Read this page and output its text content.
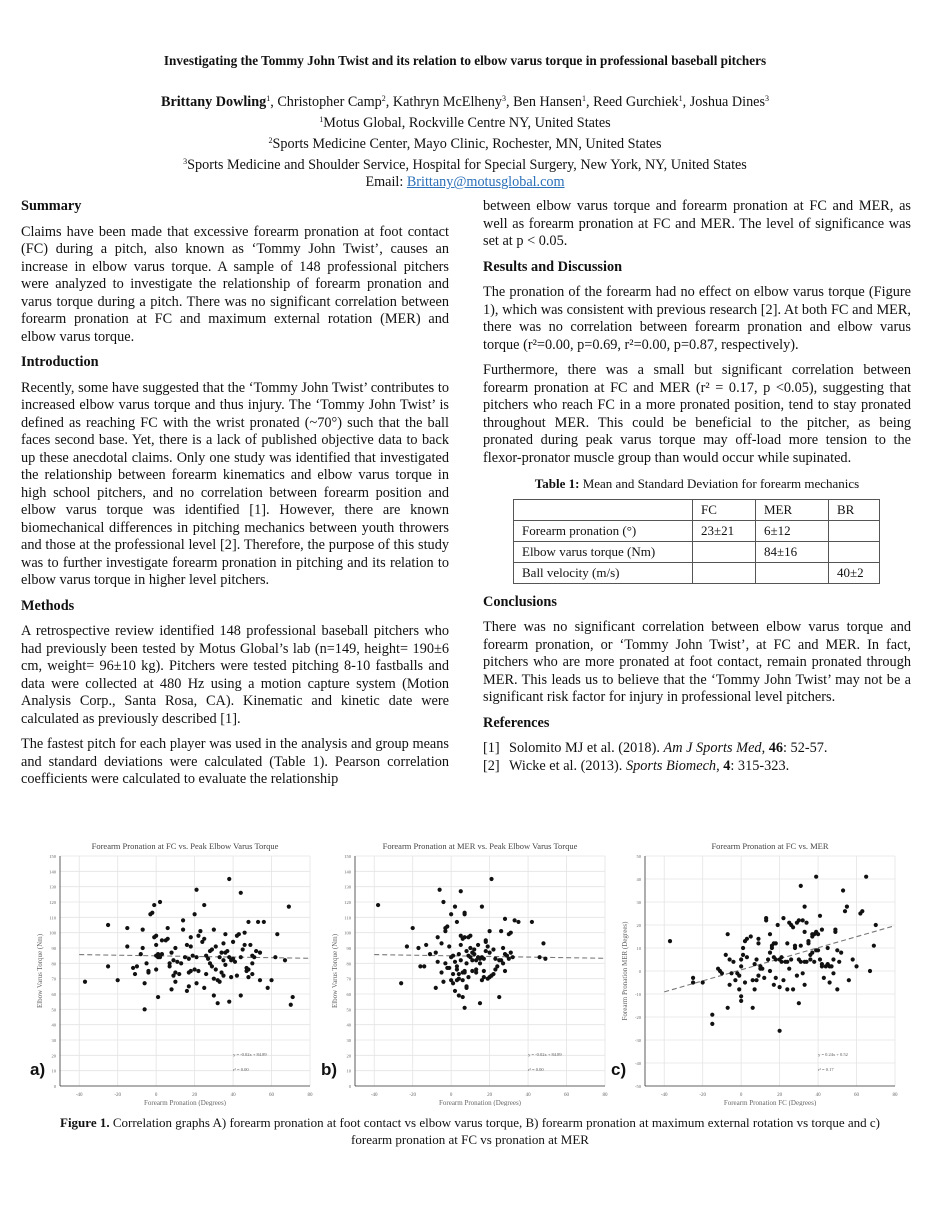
Investigating the Tommy John Twist and its relation to elbow varus torque in professional baseball pitchers
Brittany Dowling$^1$, Christopher Camp$^2$, Kathryn McElheny$^3$, Ben Hansen$^1$, Reed Gurchiek$^1$, Joshua Dines$^3$
$^1$Motus Global, Rockville Centre NY, United States
$^2$Sports Medicine Center, Mayo Clinic, Rochester, MN, United States
$^3$Sports Medicine and Shoulder Service, Hospital for Special Surgery, New York, NY, United States
Email: Brittany@motusglobal.com
Summary

Claims have been made that excessive forearm pronation at foot contact (FC) during a pitch, also known as ‘Tommy John Twist’, causes an increase in elbow varus torque. A sample of 148 professional pitchers were analyzed to investigate the relationship of forearm pronation and varus torque during a pitch. There was no significant correlation between forearm pronation at FC and maximum external rotation (MER) and elbow varus torque.

Introduction

Recently, some have suggested that the ‘Tommy John Twist’ contributes to increased elbow varus torque and thus injury. The ‘Tommy John Twist’ is defined as reaching FC with the wrist pronated (~70°) such that the ball faces second base. Yet, there is a lack of published objective data to back up these anecdotal claims. Only one study was identified that investigated the relationship between forearm kinematics and elbow varus torque in high school pitchers, and no correlation between forearm position and elbow varus torque was identified [1]. However, there are known biomechanical differences in pitching mechanics between youth throwers and those at the professional level [2]. Therefore, the purpose of this study was to further investigate forearm pronation in pitching and its relation to elbow varus torque in higher level pitchers.

Methods

A retrospective review identified 148 professional baseball pitchers who had previously been tested by Motus Global’s lab (n=149, height= 190±6 cm, weight= 96±10 kg). Pitchers were tested pitching 8-10 fastballs and data were collected at 480 Hz using a motion capture system (Motion Analysis Corp., Santa Rosa, CA). Kinematic and kinetic date were calculated as previously described [1].

The fastest pitch for each player was used in the analysis and group means and standard deviations were calculated (Table 1). Pearson correlation coefficients were calculated to evaluate the relationship

between elbow varus torque and forearm pronation at FC and MER, as well as forearm pronation at FC and MER. The level of significance was set at p < 0.05.

Results and Discussion

The pronation of the forearm had no effect on elbow varus torque (Figure 1), which was consistent with previous research [2]. At both FC and MER, there was no correlation between forearm pronation and elbow varus torque (r²=0.00, p=0.69, r²=0.00, p=0.87, respectively).

Furthermore, there was a small but significant correlation between forearm pronation at FC and MER (r² = 0.17, p <0.05), suggesting that pitchers who reach FC in a more pronated position, tend to stay pronated throughout MER. This could be beneficial to the pitcher, as being pronated during peak varus torque may off-load more tension to the flexor-pronator muscle group than would occur while supinated.

Table 1: Mean and Standard Deviation for forearm mechanics
	FC	MER	BR
Forearm pronation (°)	23±21	6±12	
Elbow varus torque (Nm)		84±16	
Ball velocity (m/s)			40±2
Conclusions

There was no significant correlation between elbow varus torque and forearm pronation, or ‘Tommy John Twist’, at FC and MER. In fact, pitchers who are more pronated at foot contact, remain pronated through MER. This leads us to believe that the ‘Tommy John Twist’ may not be a significant risk factor for injury in professional level pitchers.

References
[1] Solomito MJ et al. (2018). Am J Sports Med, 46: 52-57.
[2] Wicke et al. (2013). Sports Biomech, 4: 315-323.
Forearm Pronation at FC vs. Peak Elbow Varus Torque
-40	-20	0	20	40	60	80
0
10
20
30
40
50
60
70
80
90
100
110
120
130
140
150
Forearm Pronation (Degrees)
Elbow Varus Torque (Nm)
y = -0.02x + 84.89
r² = 0.00
a)
Forearm Pronation at MER vs. Peak Elbow Varus Torque
-40	-20	0	20	40	60	80
0
10
20
30
40
50
60
70
80
90
100
110
120
130
140
150
Forearm Pronation (Degrees)
Elbow Varus Torque (Nm)
y = -0.02x + 84.89
r² = 0.00
b)
Forearm Pronation at FC vs. MER
-40	-20	0	20	40	60	80
-50
-40
-30
-20
-10
0
10
20
30
40
50
Forearm Pronation FC (Degrees)
Forearm Pronation MER (Degrees)
y = 0.24x + 0.52
r² = 0.17
c)
Figure 1. Correlation graphs A) forearm pronation at foot contact vs elbow varus torque, B) forearm pronation at maximum external rotation vs torque and c) forearm pronation at FC vs pronation at MER
